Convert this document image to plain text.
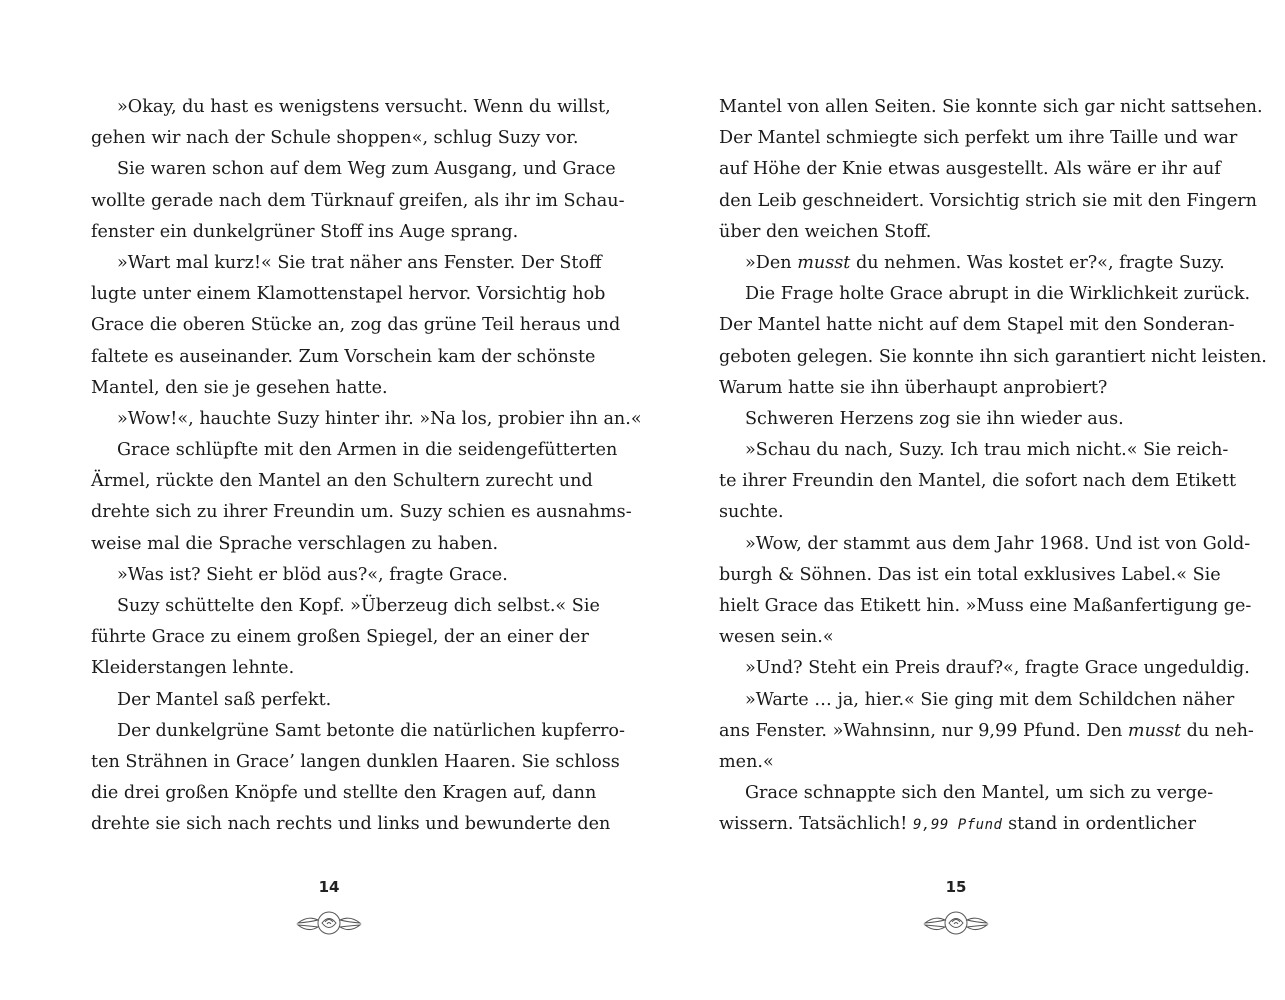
»Okay, du hast es wenigstens versucht. Wenn du willst,
gehen wir nach der Schule shoppen«, schlug Suzy vor.
Sie waren schon auf dem Weg zum Ausgang, und Grace
wollte gerade nach dem Türknauf greifen, als ihr im Schau-
fenster ein dunkelgrüner Stoff ins Auge sprang.
»Wart mal kurz!« Sie trat näher ans Fenster. Der Stoff
lugte unter einem Klamottenstapel hervor. Vorsichtig hob
Grace die oberen Stücke an, zog das grüne Teil heraus und
faltete es auseinander. Zum Vorschein kam der schönste
Mantel, den sie je gesehen hatte.
»Wow!«, hauchte Suzy hinter ihr. »Na los, probier ihn an.«
Grace schlüpfte mit den Armen in die seidengefütterten
Ärmel, rückte den Mantel an den Schultern zurecht und
drehte sich zu ihrer Freundin um. Suzy schien es ausnahms-
weise mal die Sprache verschlagen zu haben.
»Was ist? Sieht er blöd aus?«, fragte Grace.
Suzy schüttelte den Kopf. »Überzeug dich selbst.« Sie
führte Grace zu einem großen Spiegel, der an einer der
Kleiderstangen lehnte.
Der Mantel saß perfekt.
Der dunkelgrüne Samt betonte die natürlichen kupferro-
ten Strähnen in Grace’ langen dunklen Haaren. Sie schloss
die drei großen Knöpfe und stellte den Kragen auf, dann
drehte sie sich nach rechts und links und bewunderte den
Mantel von allen Seiten. Sie konnte sich gar nicht sattsehen.
Der Mantel schmiegte sich perfekt um ihre Taille und war
auf Höhe der Knie etwas ausgestellt. Als wäre er ihr auf
den Leib geschneidert. Vorsichtig strich sie mit den Fingern
über den weichen Stoff.
»Den musst du nehmen. Was kostet er?«, fragte Suzy.
Die Frage holte Grace abrupt in die Wirklichkeit zurück.
Der Mantel hatte nicht auf dem Stapel mit den Sonderan-
geboten gelegen. Sie konnte ihn sich garantiert nicht leisten.
Warum hatte sie ihn überhaupt anprobiert?
Schweren Herzens zog sie ihn wieder aus.
»Schau du nach, Suzy. Ich trau mich nicht.« Sie reich-
te ihrer Freundin den Mantel, die sofort nach dem Etikett
suchte.
»Wow, der stammt aus dem Jahr 1968. Und ist von Gold-
burgh & Söhnen. Das ist ein total exklusives Label.« Sie
hielt Grace das Etikett hin. »Muss eine Maßanfertigung ge-
wesen sein.«
»Und? Steht ein Preis drauf?«, fragte Grace ungeduldig.
»Warte … ja, hier.« Sie ging mit dem Schildchen näher
ans Fenster. »Wahnsinn, nur 9,99 Pfund. Den musst du neh-
men.«
Grace schnappte sich den Mantel, um sich zu verge-
wissern. Tatsächlich! 9,99 Pfund stand in ordentlicher
14	15
